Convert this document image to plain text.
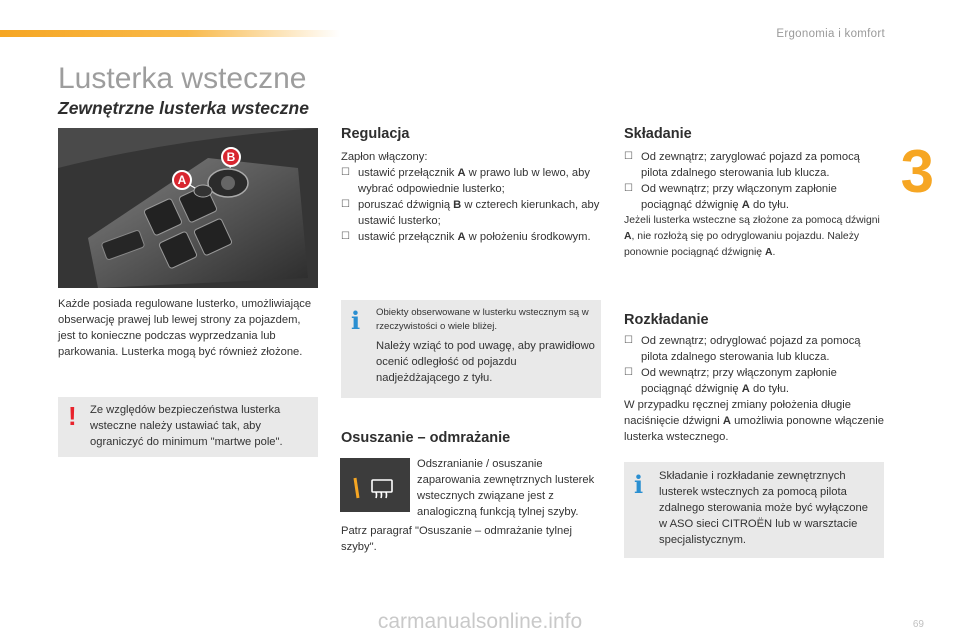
Ergonomia i komfort
3
Lusterka wsteczne
Zewnętrzne lusterka wsteczne
A
B

Każde posiada regulowane lusterko, umożliwiające obserwację prawej lub lewej strony za pojazdem, jest to konieczne podczas wyprzedzania lub parkowania. Lusterka mogą być również złożone.

! Ze względów bezpieczeństwa lusterka wsteczne należy ustawiać tak, aby ograniczyć do minimum "martwe pole".

Regulacja

Zapłon włączony:

☐ ustawić przełącznik A w prawo lub w lewo, aby wybrać odpowiednie lusterko;
☐ poruszać dźwignią B w czterech kierunkach, aby ustawić lusterko;
☐ ustawić przełącznik A w położeniu środkowym.
i Obiekty obserwowane w lusterku wstecznym są w rzeczywistości o wiele bliżej.

Należy wziąć to pod uwagę, aby prawidłowo ocenić odległość od pojazdu nadjeżdżającego z tyłu.

Osuszanie – odmrażanie

Odszranianie / osuszanie zaparowania zewnętrznych lusterek wstecznych związane jest z analogiczną funkcją tylnej szyby.

Patrz paragraf "Osuszanie – odmrażanie tylnej szyby".

Składanie
☐ Od zewnątrz; zaryglować pojazd za pomocą pilota zdalnego sterowania lub klucza.
☐ Od wewnątrz; przy włączonym zapłonie pociągnąć dźwignię A do tyłu.

Jeżeli lusterka wsteczne są złożone za pomocą dźwigni A, nie rozłożą się po odryglowaniu pojazdu. Należy ponownie pociągnąć dźwignię A.

Rozkładanie
☐ Od zewnątrz; odryglować pojazd za pomocą pilota zdalnego sterowania lub klucza.
☐ Od wewnątrz; przy włączonym zapłonie pociągnąć dźwignię A do tyłu.

W przypadku ręcznej zmiany położenia długie naciśnięcie dźwigni A umożliwia ponowne włączenie lusterka wstecznego.

i Składanie i rozkładanie zewnętrznych lusterek wstecznych za pomocą pilota zdalnego sterowania może być wyłączone w ASO sieci CITROËN lub w warsztacie specjalistycznym.

carmanualsonline.info	69
